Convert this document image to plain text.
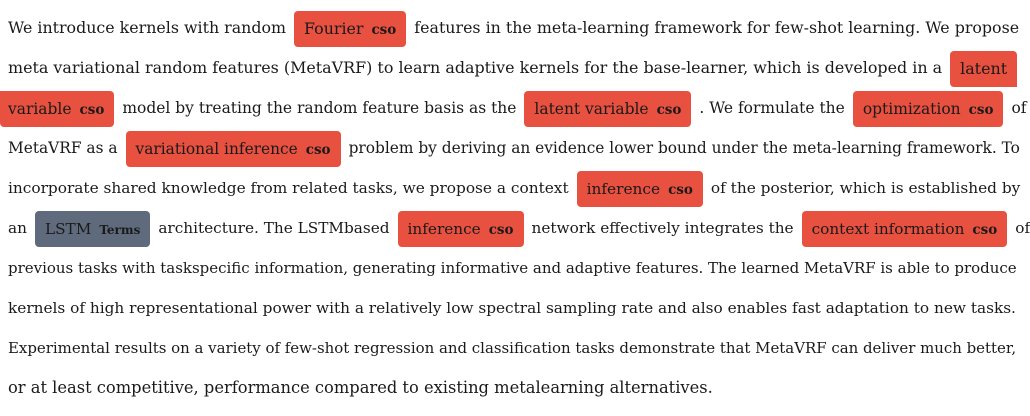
We introduce kernels with random Fourier cso features in the meta-learning framework for few-shot learning. We propose
meta variational random features (MetaVRF) to learn adaptive kernels for the base-learner, which is developed in a latent
variable cso model by treating the random feature basis as the latent variable cso . We formulate the optimization cso of
MetaVRF as a variational inference cso problem by deriving an evidence lower bound under the meta-learning framework. To
incorporate shared knowledge from related tasks, we propose a context inference cso of the posterior, which is established by
an LSTM Terms architecture. The LSTMbased inference cso network effectively integrates the context information cso of
previous tasks with taskspecific information, generating informative and adaptive features. The learned MetaVRF is able to produce
kernels of high representational power with a relatively low spectral sampling rate and also enables fast adaptation to new tasks.
Experimental results on a variety of few-shot regression and classification tasks demonstrate that MetaVRF can deliver much better,
or at least competitive, performance compared to existing metalearning alternatives.
